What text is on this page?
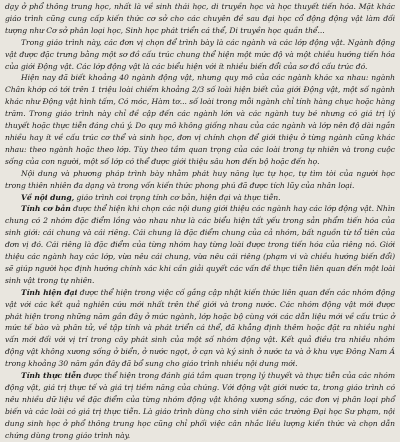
dạy ở phổ thông trung học, nhất là về sinh thái học, di truyền học và học thuyết tiến hóa. Mặt khác giáo trình cũng cung cấp kiến thức cơ sở cho các chuyên đề sau đại học cổ động động vật làm đối tượng như Cơ sở phân loại học, Sinh học phát triển cá thể, Di truyền học quần thể...

Trong giáo trình này, các đơn vị chọn để trình bày là các ngành và các lớp động vật. Ngành động vật được đặc trưng bằng một sơ đồ cấu trúc chung thể hiện một mức độ và một chiều hướng tiến hóa của giới Động vật. Các lớp động vật là các biểu hiện với ít nhiều biến đổi của sơ đồ cấu trúc đó.

Hiện nay đã biết khoảng 40 ngành động vật, nhưng quy mô của các ngành khác xa nhau: ngành Chân khớp có tới trên 1 triệu loài chiếm khoảng 2/3 số loài hiện biết của giới Động vật, một số ngành khác như Động vật hình tấm, Có móc, Hàm tơ... số loài trong mỗi ngành chỉ tính hàng chục hoặc hàng trăm. Trong giáo trình này chỉ đề cập đến các ngành lớn và các ngành tuy bé nhưng có giá trị lý thuyết hoặc thực tiễn đáng chú ý. Do quy mô không giống nhau của các ngành và lớp nên độ dài ngắn nhiều hay ít về cấu trúc cơ thể và sinh học, đơn vị chính chọn để giới thiệu ở từng ngành cũng khác nhau: theo ngành hoặc theo lớp. Tùy theo tầm quan trọng của các loài trong tự nhiên và trong cuộc sống của con người, một số lớp có thể được giới thiệu sâu hơn đến bộ hoặc đến họ.

Nội dung và phương pháp trình bày nhằm phát huy năng lực tự học, tự tìm tòi của người học trong thiên nhiên đa dạng và trong vốn kiến thức phong phú đã được tích lũy của nhân loại.

Về nội dung, giáo trình coi trọng tính cơ bản, hiện đại và thực tiễn.

Tính cơ bản được thể hiện khi chọn các nội dung giới thiệu các ngành hay các lớp động vật. Nhìn chung có 2 nhóm đặc điểm lồng vào nhau như là các biểu hiện tất yếu trong sản phẩm tiến hóa của sinh giới: cái chung và cái riêng. Cái chung là đặc điểm chung của cả nhóm, bất nguồn từ tổ tiên của đơn vị đó. Cái riêng là đặc điểm của từng nhóm hay từng loài được trong tiến hóa của riêng nó. Giới thiệu các ngành hay các lớp, vừa nêu cái chung, vừa nêu cái riêng (phạm vi và chiều hướng biến đổi) sẽ giúp người học định hướng chính xác khi cần giải quyết các vấn đề thực tiễn liên quan đến một loài sinh vật trong tự nhiên.

Tính hiện đại được thể hiện trong việc cố gắng cập nhật kiến thức liên quan đến các nhóm động vật với các kết quả nghiên cứu mới nhất trên thế giới và trong nước. Các nhóm động vật mới được phát hiện trong những năm gần đây ở mức ngành, lớp hoặc bộ cùng với các dẫn liệu mới về cấu trúc ở mức tế bào và phân tử, về tập tính và phát triển cá thể, đã khẳng định thêm hoặc đặt ra nhiều nghi vấn mới đối với vị trí trong cây phát sinh của một số nhóm động vật. Kết quả điều tra nhiều nhóm động vật không xương sống ở biển, ở nước ngọt, ở cạn và ký sinh ở nước ta và ở khu vực Đông Nam Á trong khoảng 30 năm gần đây đã bổ sung cho giáo trình nhiều nội dung mới.

Tính thực tiễn được thể hiện trong đánh giá tầm quan trọng lý thuyết và thực tiễn của các nhóm động vật, giá trị thực tế và giá trị tiềm năng của chúng. Với động vật giới nước ta, trong giáo trình có nêu nhiều dữ liệu về đặc điểm của từng nhóm động vật không xương sống, các đơn vị phân loại phổ biến và các loài có giá trị thực tiễn. Là giáo trình dùng cho sinh viên các trường Đại học Sư phạm, nội dung sinh học ở phổ thông trung học cũng chỉ phối việc cân nhắc liều lượng kiến thức và chọn dẫn chứng dùng trong giáo trình này.
